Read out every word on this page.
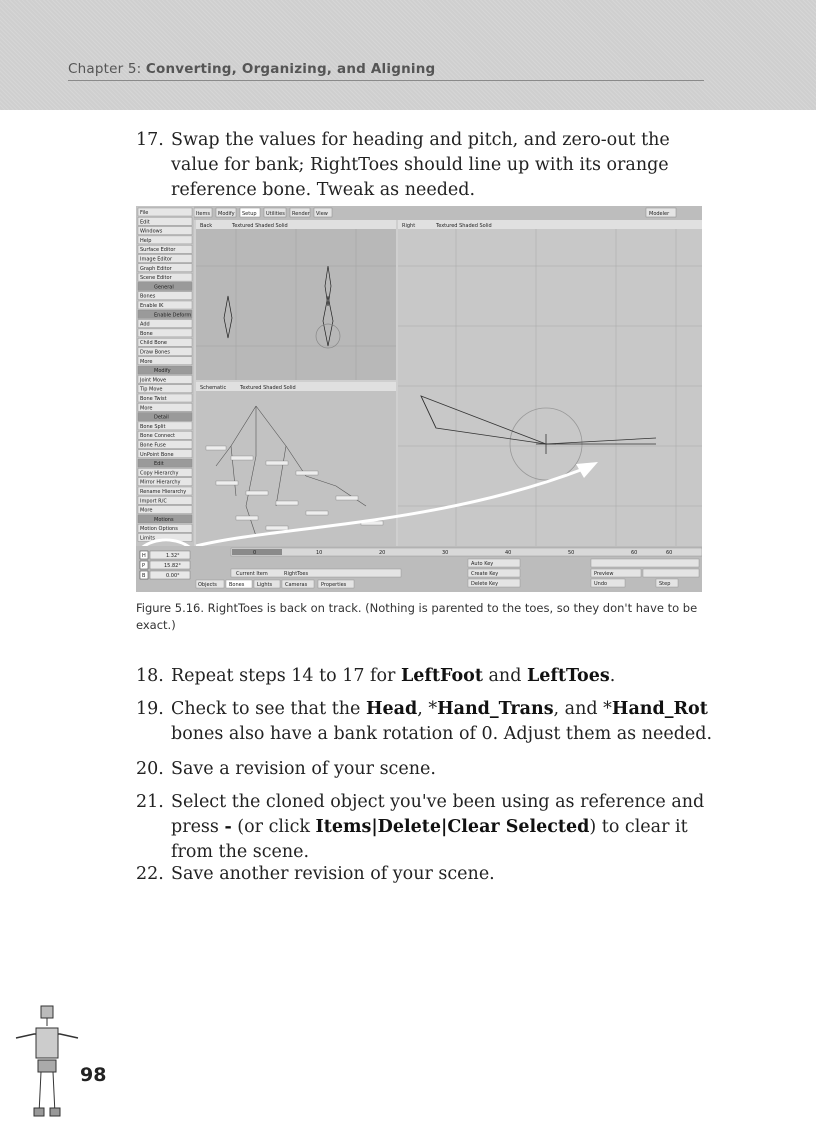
Chapter 5: Converting, Organizing, and Aligning
17. Swap the values for heading and pitch, and zero-out the value for bank; RightToes should line up with its orange reference bone. Tweak as needed.
Items Modify Setup Utilities Render View	Modeler
File
Edit
Windows
Help
Surface Editor
Image Editor
Graph Editor
Scene Editor
General
Bones
Enable IK
Enable Deform
Add
Bone
Child Bone
Draw Bones
More
Modify
Joint Move
Tip Move
Bone Twist
More
Detail
Bone Split
Bone Connect
Bone Fuse
UnPoint Bone
Edit
Copy Hierarchy
Mirror Hierarchy
Rename Hierarchy
Import R/C
More
Motions
Motion Options
Limits
Back	Textured Shaded Solid	Right	Textured Shaded Solid
Schematic	Textured Shaded Solid
0	10	20	30	40	50	60	60
H	1.32°
P	15.82°
B	0.00°	Current Item	RightToes
Objects Bones	Lights	Cameras	Properties
Auto Key
Create Key
Delete Key
Preview
Undo	Step
Figure 5.16. RightToes is back on track. (Nothing is parented to the toes, so they don't have to be exact.)
18. Repeat steps 14 to 17 for LeftFoot and LeftToes.
19. Check to see that the Head, *Hand_Trans, and *Hand_Rot bones also have a bank rotation of 0. Adjust them as needed.
20. Save a revision of your scene.
21. Select the cloned object you've been using as reference and press - (or click Items|Delete|Clear Selected) to clear it from the scene.
22. Save another revision of your scene.
98
